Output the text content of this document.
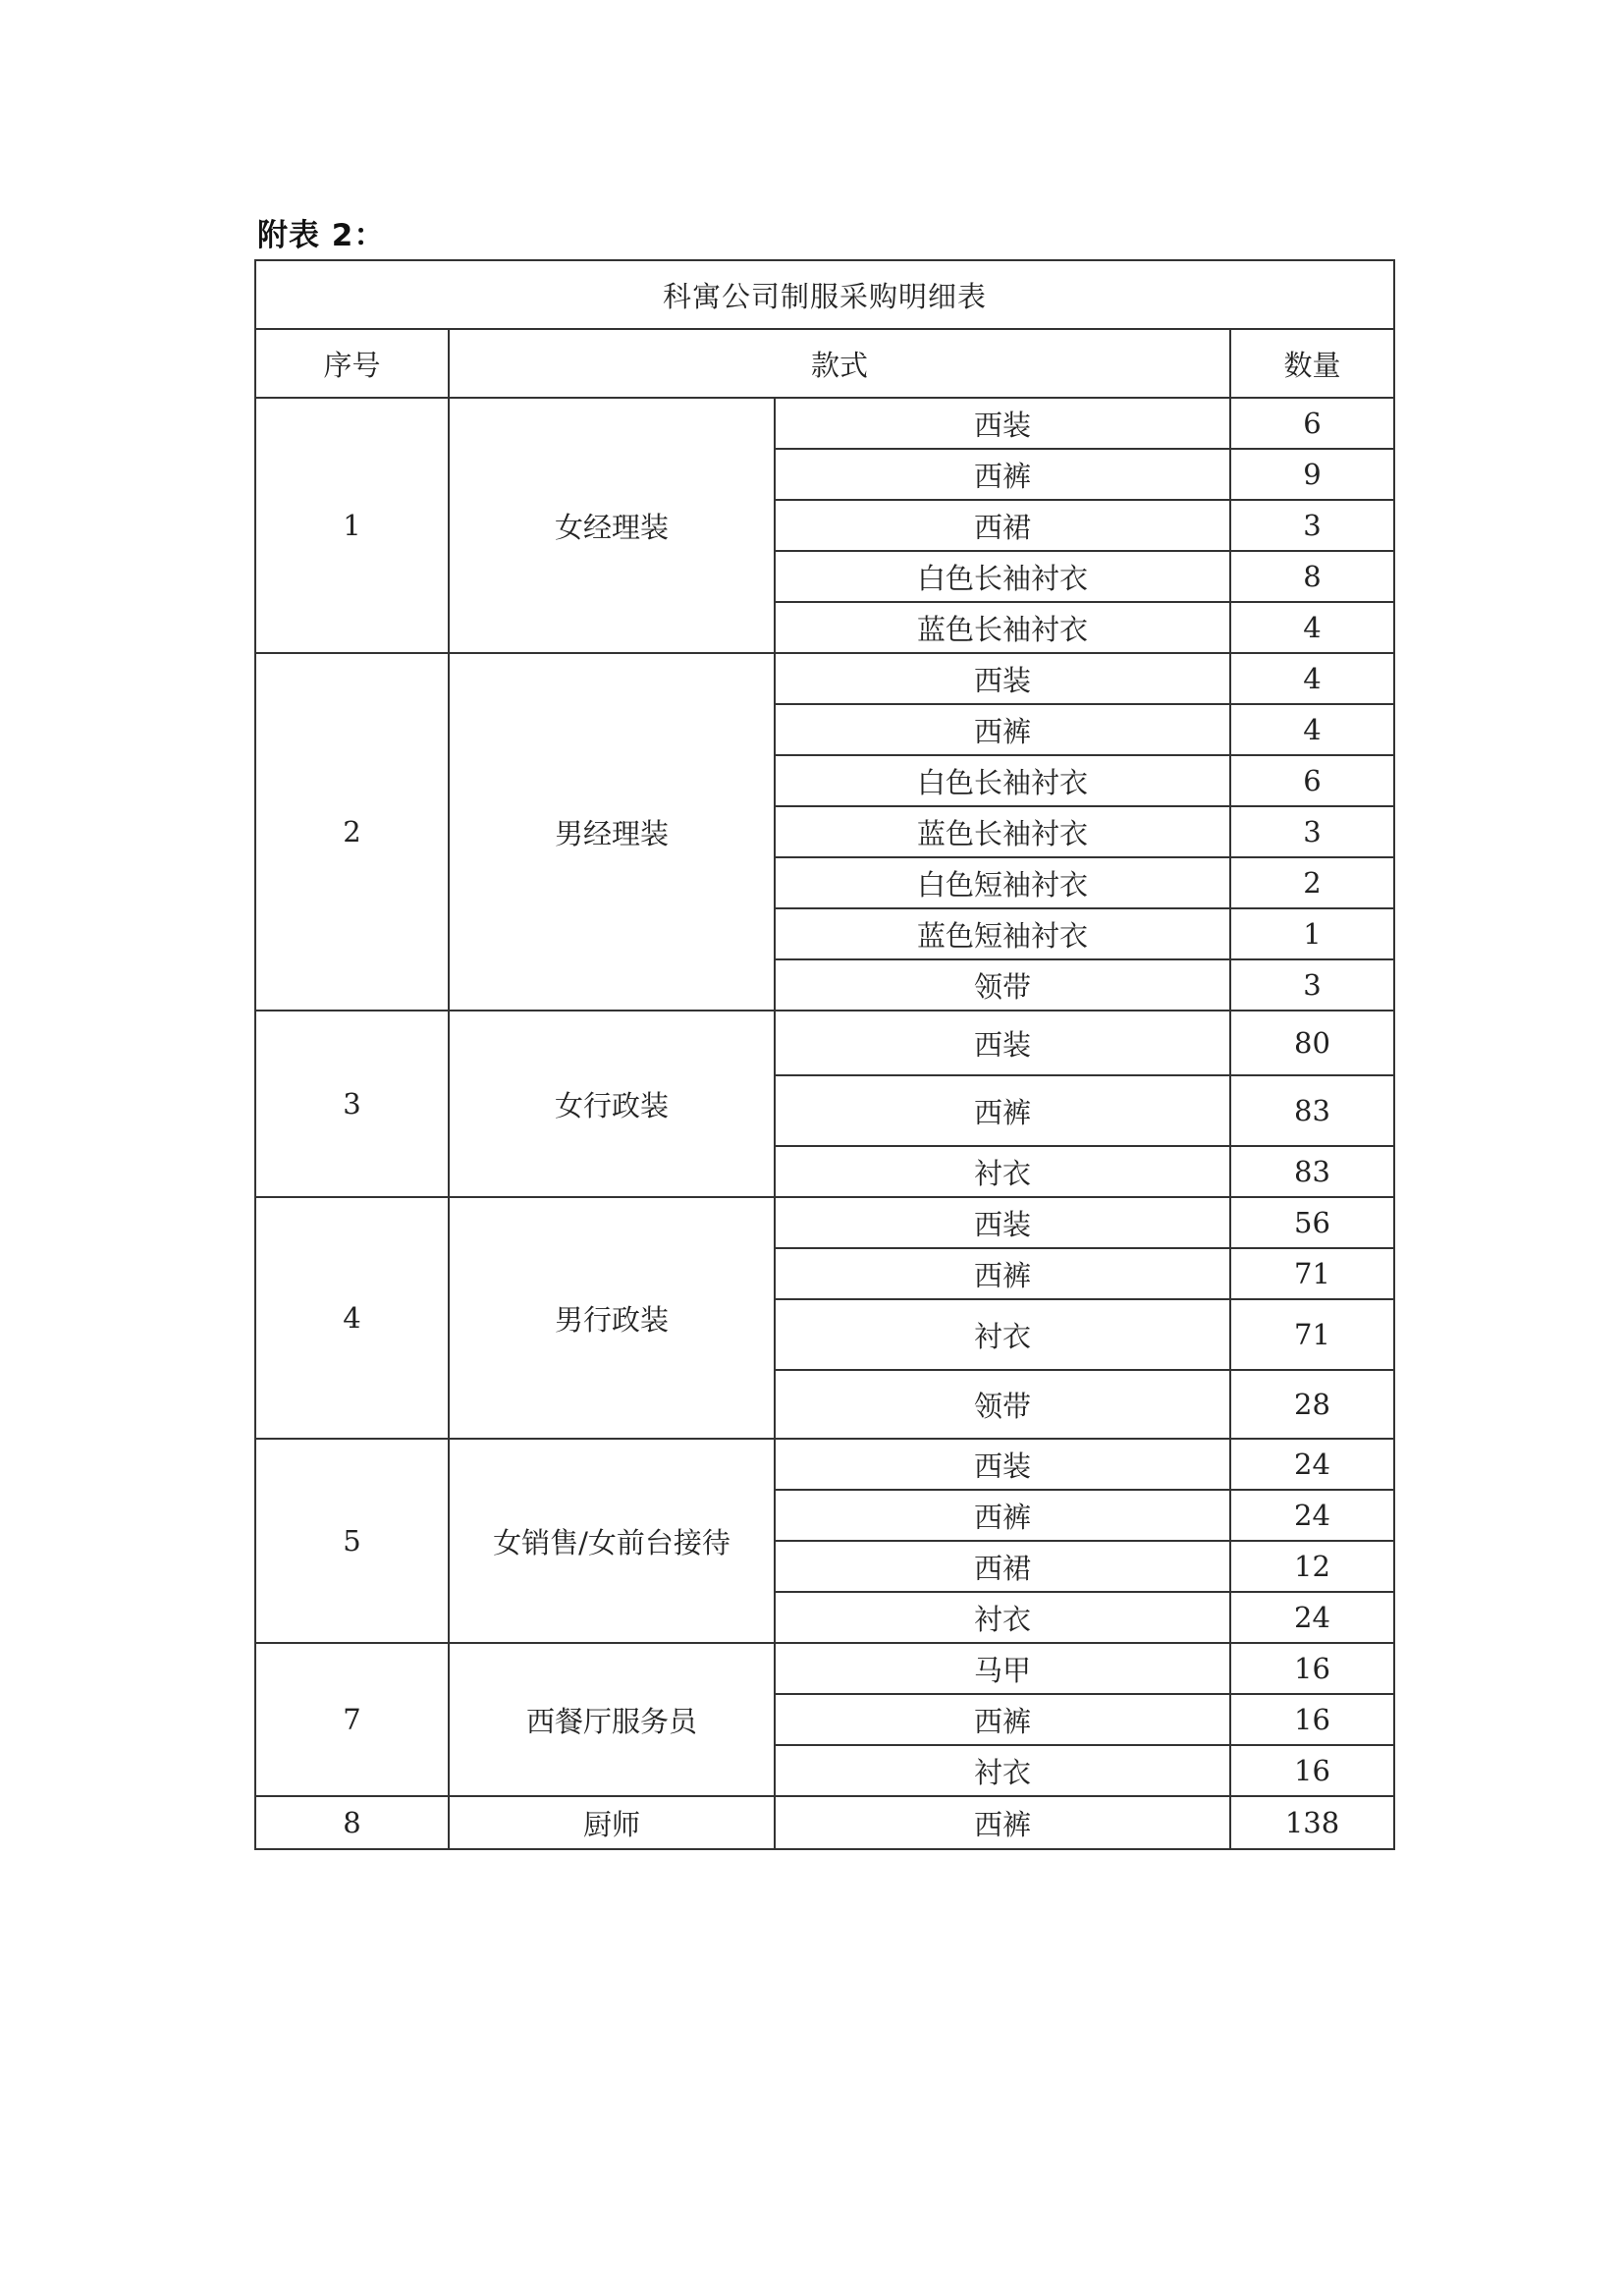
附表 2：
科寓公司制服采购明细表			
序号	款式		数量
1	女经理装	西装	6
		西裤	9
		西裙	3
		白色长袖衬衣	8
		蓝色长袖衬衣	4
2	男经理装	西装	4
		西裤	4
		白色长袖衬衣	6
		蓝色长袖衬衣	3
		白色短袖衬衣	2
		蓝色短袖衬衣	1
		领带	3
3	女行政装	西装	80
		西裤	83
		衬衣	83
4	男行政装	西装	56
		西裤	71
		衬衣	71
		领带	28
5	女销售/女前台接待	西装	24
		西裤	24
		西裙	12
		衬衣	24
7	西餐厅服务员	马甲	16
		西裤	16
		衬衣	16
8	厨师	西裤	138
